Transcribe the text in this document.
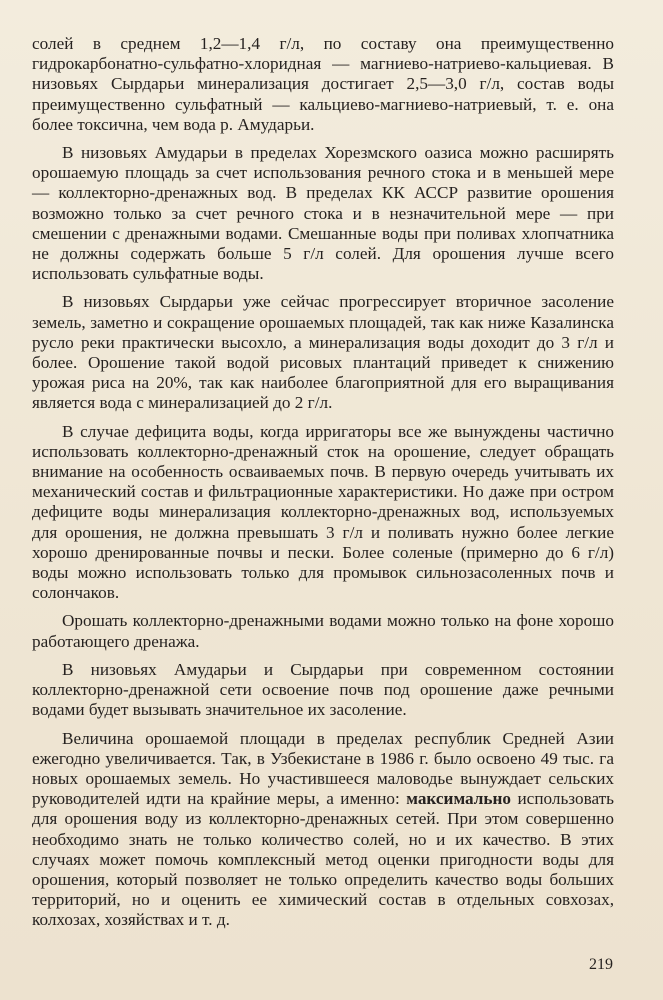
солей в среднем 1,2—1,4 г/л, по составу она преимущественно гидрокарбонатно-сульфатно-хлоридная — магниево-натриево-кальциевая. В низовьях Сырдарьи минерализация достигает 2,5—3,0 г/л, состав воды преимущественно сульфатный — кальциево-магниево-натриевый, т. е. она более токсична, чем вода р. Амударьи.

В низовьях Амударьи в пределах Хорезмского оазиса можно расширять орошаемую площадь за счет использования речного стока и в меньшей мере — коллекторно-дренажных вод. В пределах КК АССР развитие орошения возможно только за счет речного стока и в незначительной мере — при смешении с дренажными водами. Смешанные воды при поливах хлопчатника не должны содержать больше 5 г/л солей. Для орошения лучше всего использовать сульфатные воды.

В низовьях Сырдарьи уже сейчас прогрессирует вторичное засоление земель, заметно и сокращение орошаемых площадей, так как ниже Казалинска русло реки практически высохло, а минерализация воды доходит до 3 г/л и более. Орошение такой водой рисовых плантаций приведет к снижению урожая риса на 20%, так как наиболее благоприятной для его выращивания является вода с минерализацией до 2 г/л.

В случае дефицита воды, когда ирригаторы все же вынуждены частично использовать коллекторно-дренажный сток на орошение, следует обращать внимание на особенность осваиваемых почв. В первую очередь учитывать их механический состав и фильтрационные характеристики. Но даже при остром дефиците воды минерализация коллекторно-дренажных вод, используемых для орошения, не должна превышать 3 г/л и поливать нужно более легкие хорошо дренированные почвы и пески. Более соленые (примерно до 6 г/л) воды можно использовать только для промывок сильнозасоленных почв и солончаков.

Орошать коллекторно-дренажными водами можно только на фоне хорошо работающего дренажа.

В низовьях Амударьи и Сырдарьи при современном состоянии коллекторно-дренажной сети освоение почв под орошение даже речными водами будет вызывать значительное их засоление.

Величина орошаемой площади в пределах республик Средней Азии ежегодно увеличивается. Так, в Узбекистане в 1986 г. было освоено 49 тыс. га новых орошаемых земель. Но участившееся маловодье вынуждает сельских руководителей идти на крайние меры, а именно: максимально использовать для орошения воду из коллекторно-дренажных сетей. При этом совершенно необходимо знать не только количество солей, но и их качество. В этих случаях может помочь комплексный метод оценки пригодности воды для орошения, который позволяет не только определить качество воды больших территорий, но и оценить ее химический состав в отдельных совхозах, колхозах, хозяйствах и т. д.

219
